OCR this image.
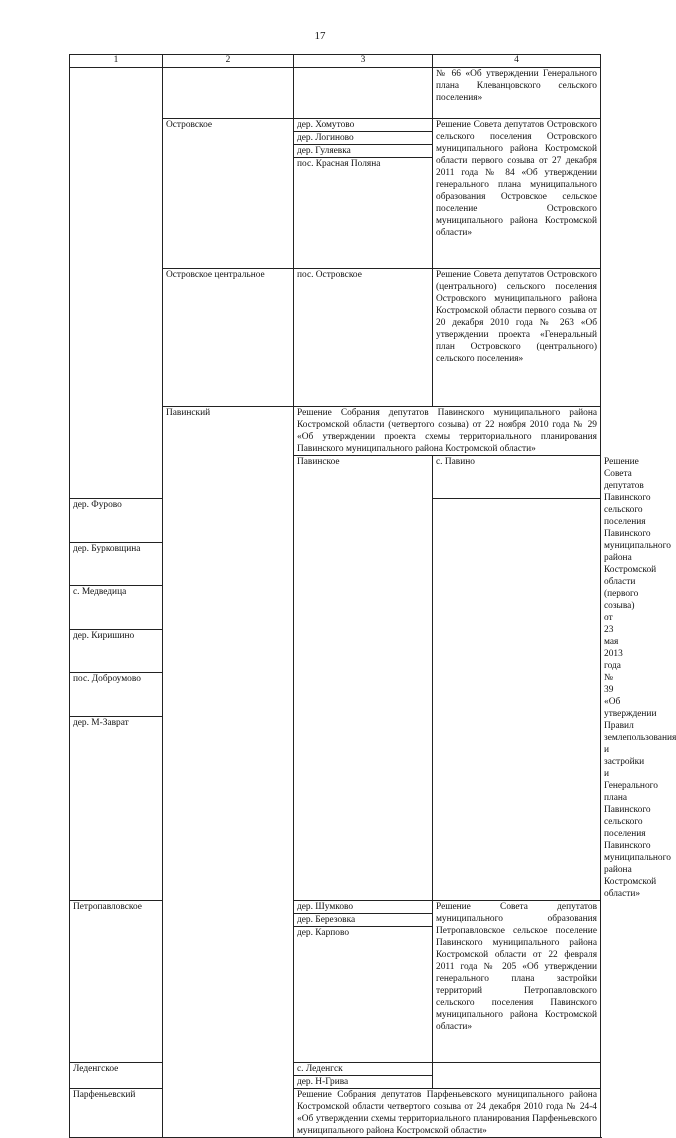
17
1	2	3	4	
			№ 66 «Об утверждении Генерального плана Клеванцовского сельского поселения»	
	Островское	дер. Хомутово	Решение Совета депутатов Островского сельского поселения Островского муниципального района Костромской области первого созыва от 27 декабря 2011 года № 84 «Об утверждении генерального плана муниципального образования Островское сельское поселение Островского муниципального района Костромской области»	
		дер. Логиново		
		дер. Гуляевка		
		пос. Красная Поляна		
	Островское центральное	пос. Островское	Решение Совета депутатов Островского (центрального) сельского поселения Островского муниципального района Костромской области первого созыва от 20 декабря 2010 года № 263 «Об утверждении проекта «Генеральный план Островского (центрального) сельского поселения»	
	Павинский	Решение Собрания депутатов Павинского муниципального района Костромской области (четвертого созыва) от 22 ноября 2010 года № 29 «Об утверждении проекта схемы территориального планирования Павинского муниципального района Костромской области»		
		Павинское	с. Павино	Решение Совета депутатов Павинского сельского поселения Павинского муниципального района Костромской области (первого созыва) от 23 мая 2013 года № 39 «Об утверждении Правил землепользования и застройки и Генерального плана Павинского сельского поселения Павинского муниципального района Костромской области»
дер. Фурово				
дер. Бурковщина				
с. Медведица				
дер. Киришино				
пос. Доброумово				
дер. М-Заврат				
Петропавловское		дер. Шумково	Решение Совета депутатов муниципального образования Петропавловское сельское поселение Павинского муниципального района Костромской области от 22 февраля 2011 года № 205 «Об утверждении генерального плана застройки территорий Петропавловского сельского поселения Павинского муниципального района Костромской области»	
		дер. Березовка		
		дер. Карпово		
Леденгское		с. Леденгск		
		дер. Н-Грива		
Парфеньевский		Решение Собрания депутатов Парфеньевского муниципального района Костромской области четвертого созыва от 24 декабря 2010 года № 24-4 «Об утверждении схемы территориального планирования Парфеньевского муниципального района Костромской области»		
